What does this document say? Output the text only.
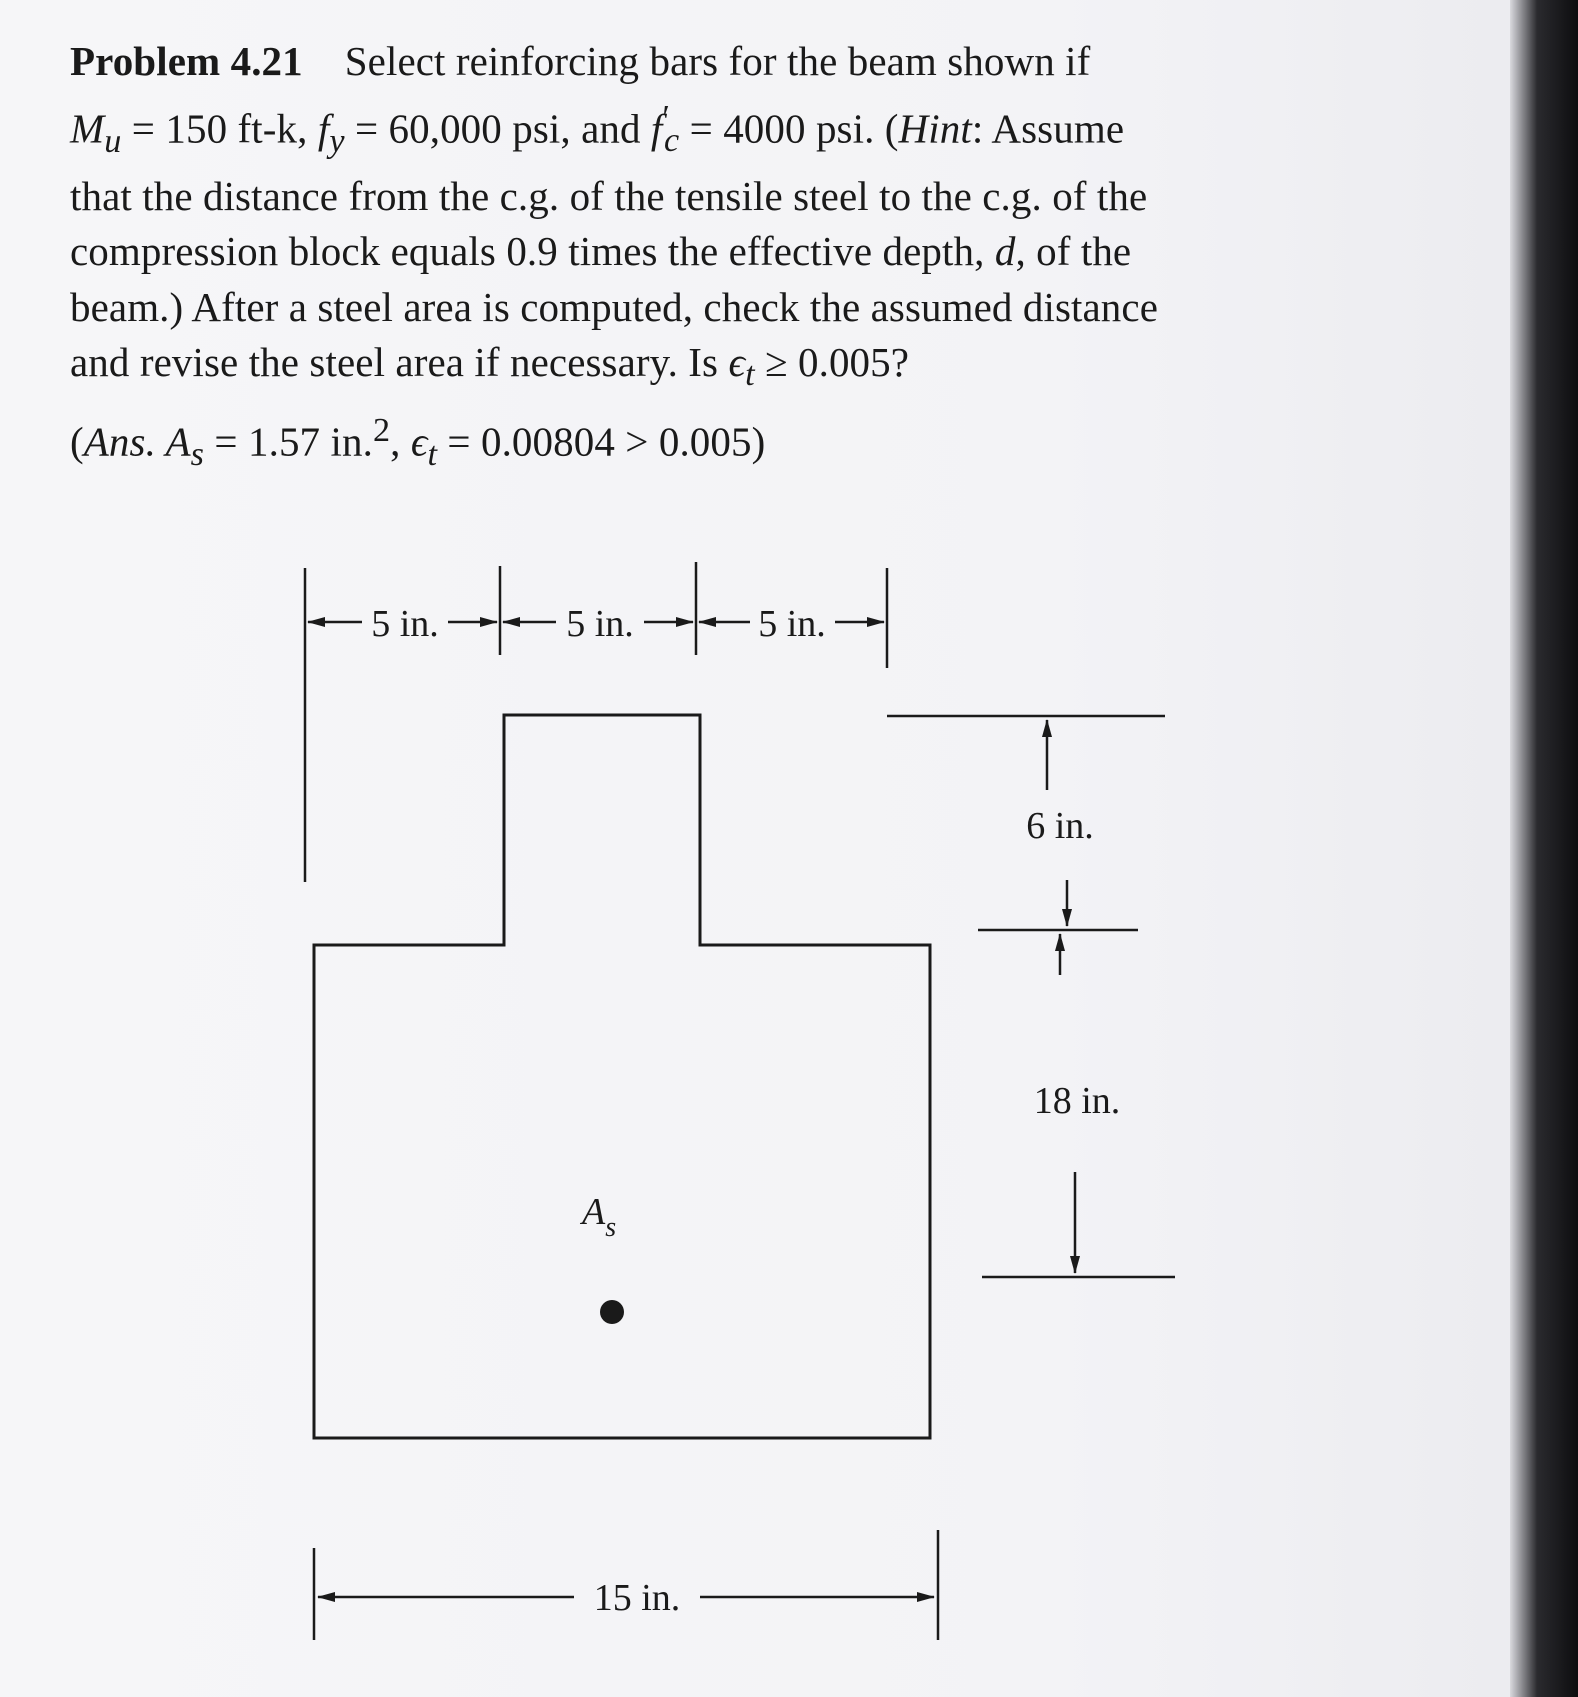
Problem 4.21 Select reinforcing bars for the beam shown if

$M_u = 150$ ft-k, $f_y = 60,000$ psi, and $f'_c = 4000$ psi. (Hint: Assume

that the distance from the c.g. of the tensile steel to the c.g. of the

compression block equals 0.9 times the effective depth, d, of the

beam.) After a steel area is computed, check the assumed distance

and revise the steel area if necessary. Is $\epsilon_t \ge 0.005$?

(Ans. $A_s = 1.57$ in.$^2$, $\epsilon_t = 0.00804 > 0.005$)

5 in.	5 in.	5 in.
6 in.
18 in.
$A_s$
15 in.
